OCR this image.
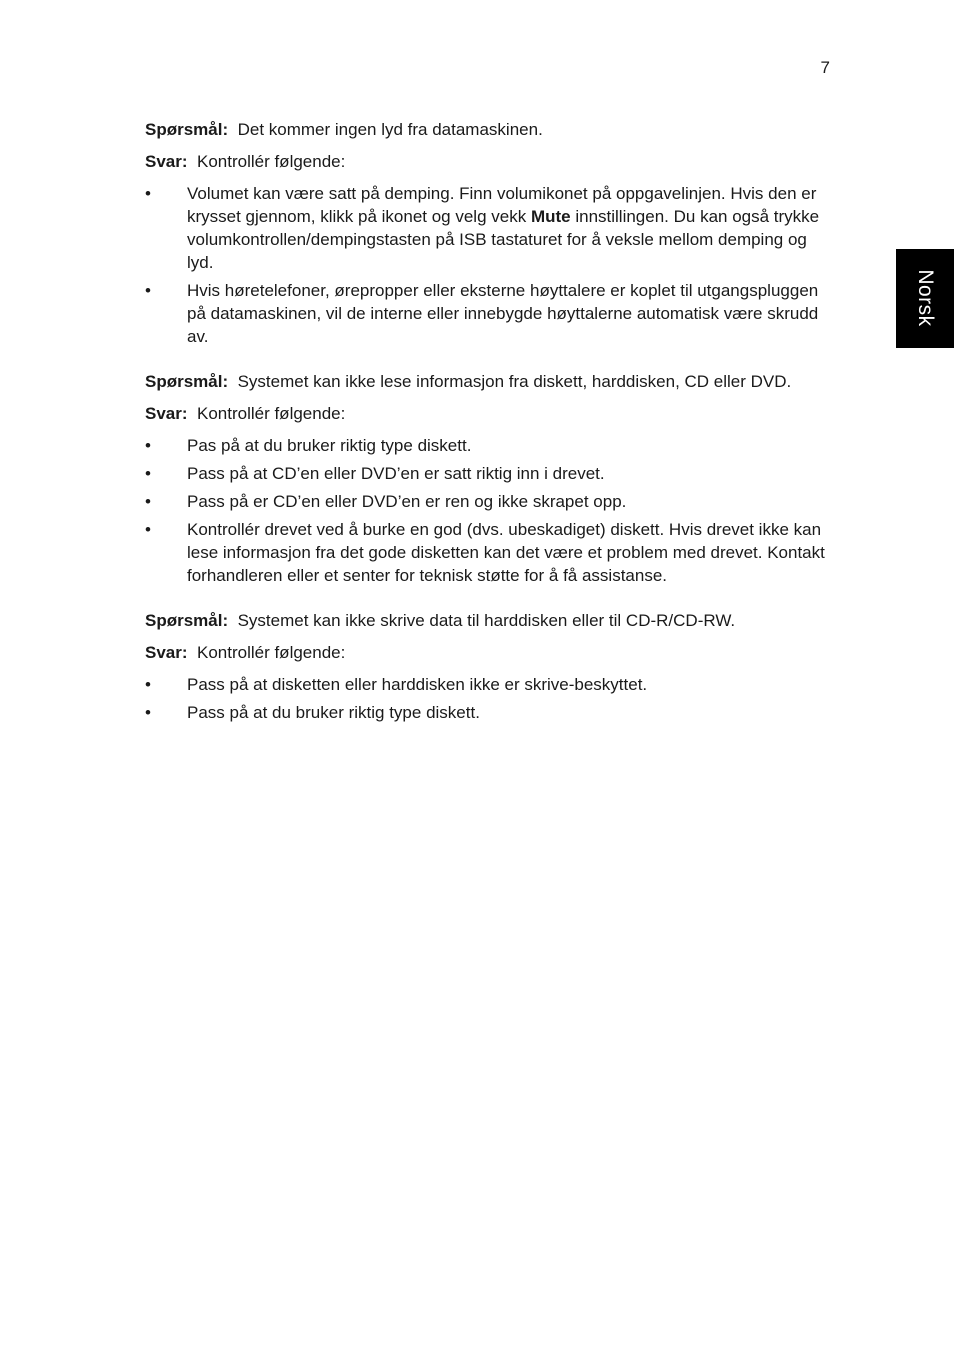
7
Norsk

Spørsmål: Det kommer ingen lyd fra datamaskinen.

Svar: Kontrollér følgende:

• Volumet kan være satt på demping. Finn volumikonet på oppgavelinjen. Hvis den er krysset gjennom, klikk på ikonet og velg vekk Mute innstillingen. Du kan også trykke volumkontrollen/dempingstasten på ISB tastaturet for å veksle mellom demping og lyd.
• Hvis høretelefoner, ørepropper eller eksterne høyttalere er koplet til utgangspluggen på datamaskinen, vil de interne eller innebygde høyttalerne automatisk være skrudd av.

Spørsmål: Systemet kan ikke lese informasjon fra diskett, harddisken, CD eller DVD.

Svar: Kontrollér følgende:

• Pas på at du bruker riktig type diskett.
• Pass på at CD’en eller DVD’en er satt riktig inn i drevet.
• Pass på er CD’en eller DVD’en er ren og ikke skrapet opp.
• Kontrollér drevet ved å burke en god (dvs. ubeskadiget) diskett. Hvis drevet ikke kan lese informasjon fra det gode disketten kan det være et problem med drevet. Kontakt forhandleren eller et senter for teknisk støtte for å få assistanse.

Spørsmål: Systemet kan ikke skrive data til harddisken eller til CD-R/CD-RW.

Svar: Kontrollér følgende:

• Pass på at disketten eller harddisken ikke er skrive-beskyttet.
• Pass på at du bruker riktig type diskett.
